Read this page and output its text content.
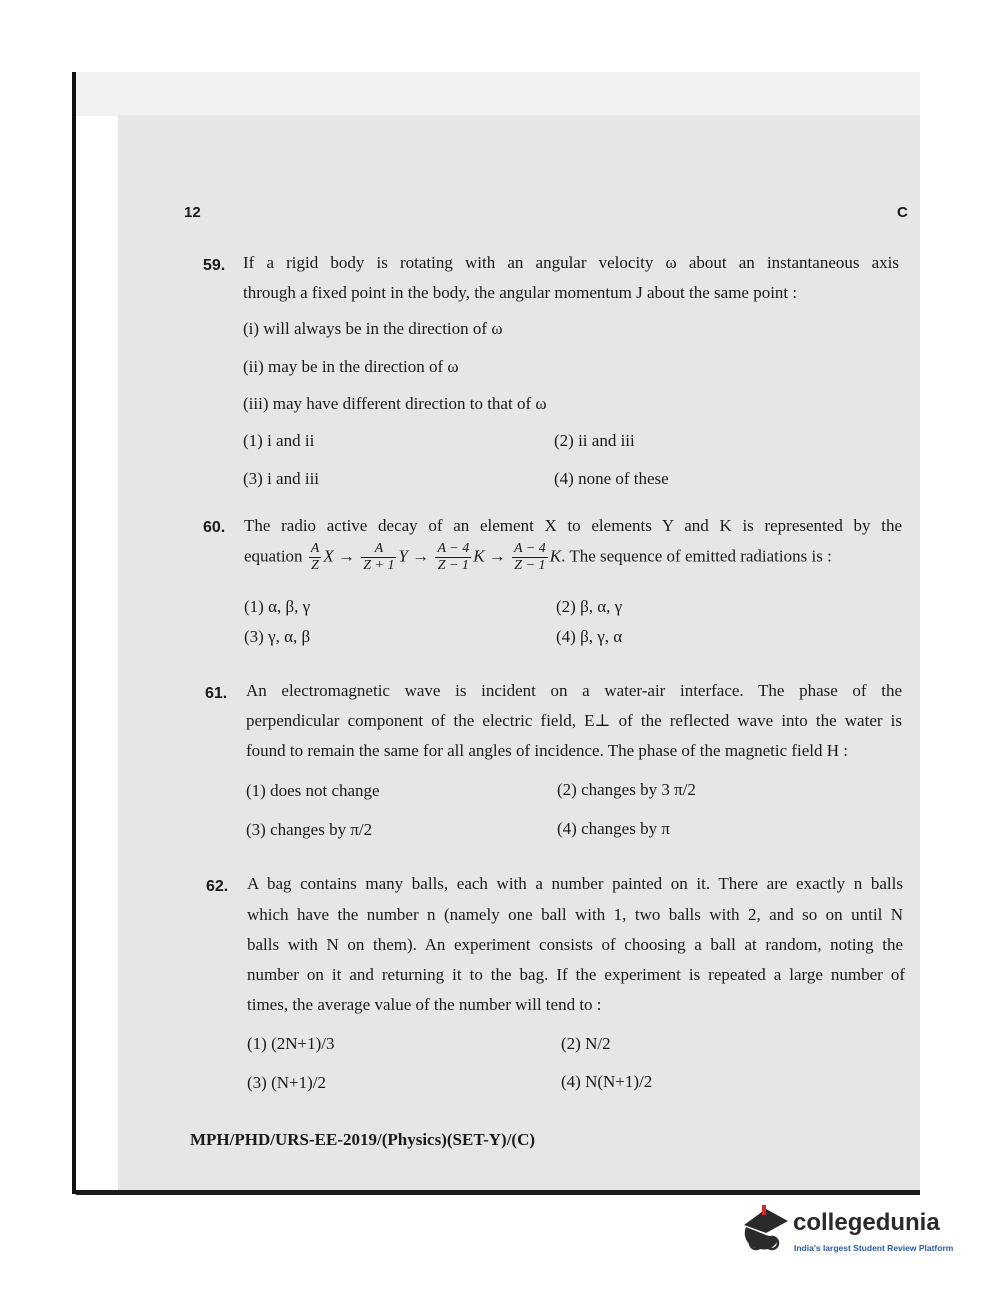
12	C
59. If a rigid body is rotating with an angular velocity ω about an instantaneous axis
through a fixed point in the body, the angular momentum J about the same point :
(i) will always be in the direction of ω
(ii) may be in the direction of ω
(iii) may have different direction to that of ω
(1) i and ii	(2) ii and iii
(3) i and iii	(4) none of these
60. The radio active decay of an element X to elements Y and K is represented by the
equation $\frac{A}{Z}$ $X \to \frac{A}{Z + 1}$ $Y \to \frac{A - 4}{Z - 1}$ $K \to \frac{A - 4}{Z - 1} K$. The sequence of emitted radiations is :
(1) α, β, γ	(2) β, α, γ
(3) γ, α, β	(4) β, γ, α
61. An electromagnetic wave is incident on a water-air interface. The phase of the
perpendicular component of the electric field, E⊥ of the reflected wave into the water is
found to remain the same for all angles of incidence. The phase of the magnetic field H :
(1) does not change	(2) changes by 3 π/2
(3) changes by π/2	(4) changes by π
62. A bag contains many balls, each with a number painted on it. There are exactly n balls
which have the number n (namely one ball with 1, two balls with 2, and so on until N
balls with N on them). An experiment consists of choosing a ball at random, noting the
number on it and returning it to the bag. If the experiment is repeated a large number of
times, the average value of the number will tend to :
(1) (2N+1)/3	(2) N/2
(3) (N+1)/2	(4) N(N+1)/2
MPH/PHD/URS-EE-2019/(Physics)(SET-Y)/(C)
collegedunia
India's largest Student Review Platform
